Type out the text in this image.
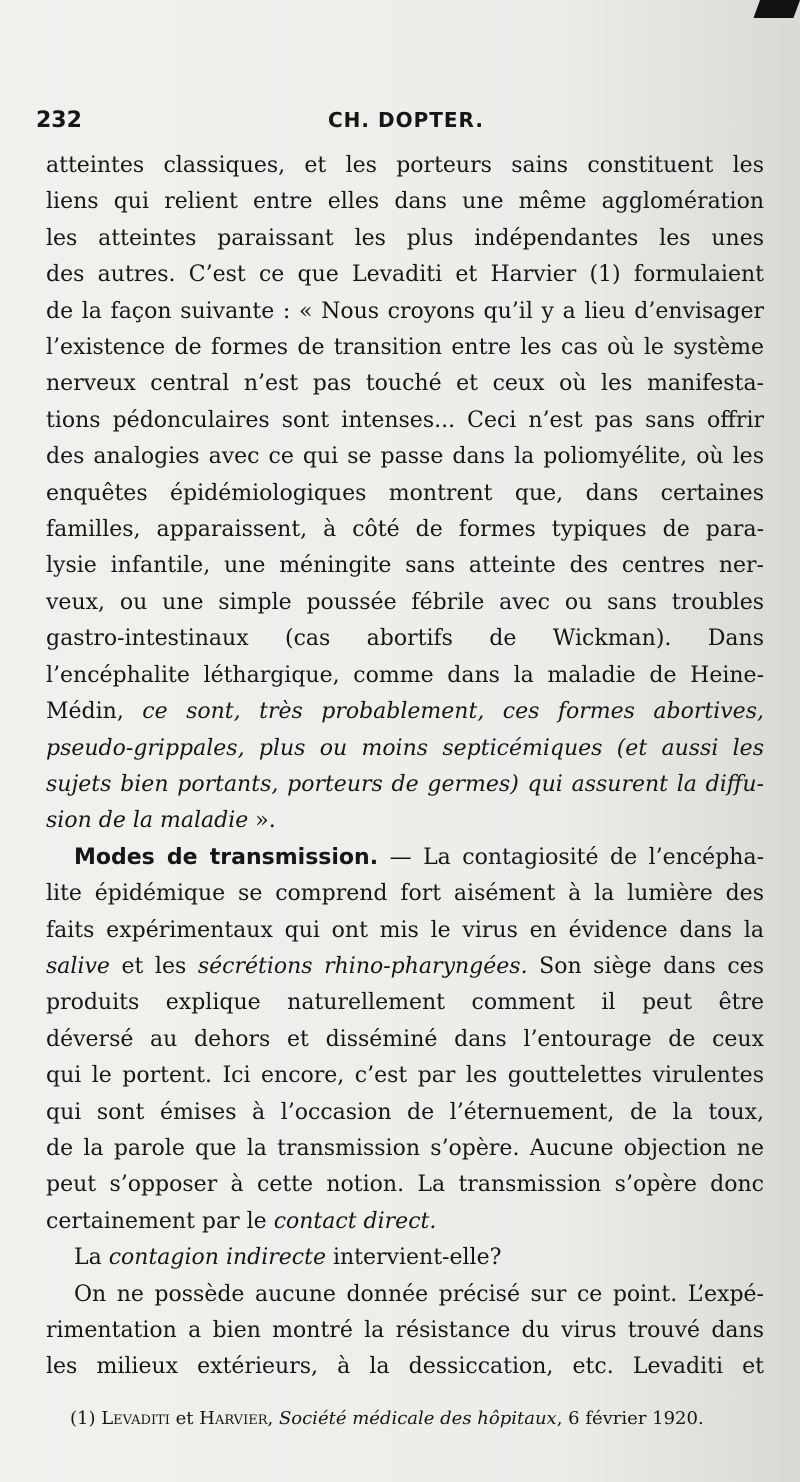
232	CH. DOPTER.

atteintes classiques, et les porteurs sains constituent les
liens qui relient entre elles dans une même agglomération
les atteintes paraissant les plus indépendantes les unes
des autres. C’est ce que Levaditi et Harvier (1) formulaient
de la façon suivante : « Nous croyons qu’il y a lieu d’envisager
l’existence de formes de transition entre les cas où le système
nerveux central n’est pas touché et ceux où les manifesta-
tions pédonculaires sont intenses... Ceci n’est pas sans offrir
des analogies avec ce qui se passe dans la poliomyélite, où les
enquêtes épidémiologiques montrent que, dans certaines
familles, apparaissent, à côté de formes typiques de para-
lysie infantile, une méningite sans atteinte des centres ner-
veux, ou une simple poussée fébrile avec ou sans troubles
gastro-intestinaux (cas abortifs de Wickman). Dans
l’encéphalite léthargique, comme dans la maladie de Heine-
Médin, ce sont, très probablement, ces formes abortives,
pseudo-grippales, plus ou moins septicémiques (et aussi les
sujets bien portants, porteurs de germes) qui assurent la diffu-
sion de la maladie ».

Modes de transmission. — La contagiosité de l’encépha-
lite épidémique se comprend fort aisément à la lumière des
faits expérimentaux qui ont mis le virus en évidence dans la
salive et les sécrétions rhino-pharyngées. Son siège dans ces
produits explique naturellement comment il peut être
déversé au dehors et disséminé dans l’entourage de ceux
qui le portent. Ici encore, c’est par les gouttelettes virulentes
qui sont émises à l’occasion de l’éternuement, de la toux,
de la parole que la transmission s’opère. Aucune objection ne
peut s’opposer à cette notion. La transmission s’opère donc
certainement par le contact direct.

La contagion indirecte intervient-elle?

On ne possède aucune donnée précisé sur ce point. L’expé-
rimentation a bien montré la résistance du virus trouvé dans
les milieux extérieurs, à la dessiccation, etc. Levaditi et

(1) Levaditi et Harvier, Société médicale des hôpitaux, 6 février 1920.
